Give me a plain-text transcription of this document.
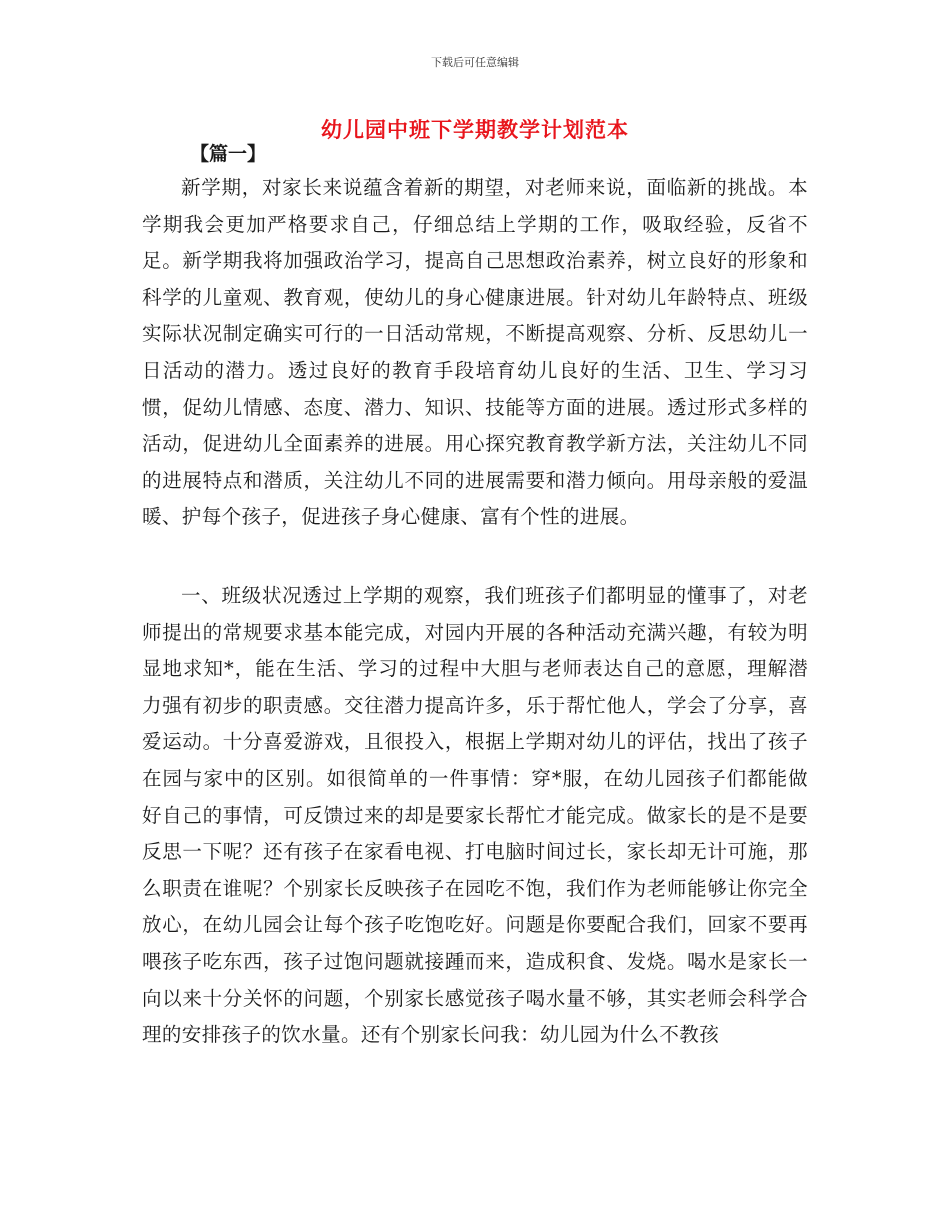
下载后可任意编辑
幼儿园中班下学期教学计划范本
【篇一】

新学期，对家长来说蕴含着新的期望，对老师来说，面临新的挑战。本学期我会更加严格要求自己，仔细总结上学期的工作，吸取经验，反省不足。新学期我将加强政治学习，提高自己思想政治素养，树立良好的形象和科学的儿童观、教育观，使幼儿的身心健康进展。针对幼儿年龄特点、班级实际状况制定确实可行的一日活动常规，不断提高观察、分析、反思幼儿一日活动的潜力。透过良好的教育手段培育幼儿良好的生活、卫生、学习习惯，促幼儿情感、态度、潜力、知识、技能等方面的进展。透过形式多样的活动，促进幼儿全面素养的进展。用心探究教育教学新方法，关注幼儿不同的进展特点和潜质，关注幼儿不同的进展需要和潜力倾向。用母亲般的爱温暖、护每个孩子，促进孩子身心健康、富有个性的进展。

一、班级状况透过上学期的观察，我们班孩子们都明显的懂事了，对老师提出的常规要求基本能完成，对园内开展的各种活动充满兴趣，有较为明显地求知*，能在生活、学习的过程中大胆与老师表达自己的意愿，理解潜力强有初步的职责感。交往潜力提高许多，乐于帮忙他人，学会了分享，喜爱运动。十分喜爱游戏，且很投入，根据上学期对幼儿的评估，找出了孩子在园与家中的区别。如很简单的一件事情：穿*服，在幼儿园孩子们都能做好自己的事情，可反馈过来的却是要家长帮忙才能完成。做家长的是不是要反思一下呢？还有孩子在家看电视、打电脑时间过长，家长却无计可施，那么职责在谁呢？个别家长反映孩子在园吃不饱，我们作为老师能够让你完全放心，在幼儿园会让每个孩子吃饱吃好。问题是你要配合我们，回家不要再喂孩子吃东西，孩子过饱问题就接踵而来，造成积食、发烧。喝水是家长一向以来十分关怀的问题，个别家长感觉孩子喝水量不够，其实老师会科学合理的安排孩子的饮水量。还有个别家长问我：幼儿园为什么不教孩
